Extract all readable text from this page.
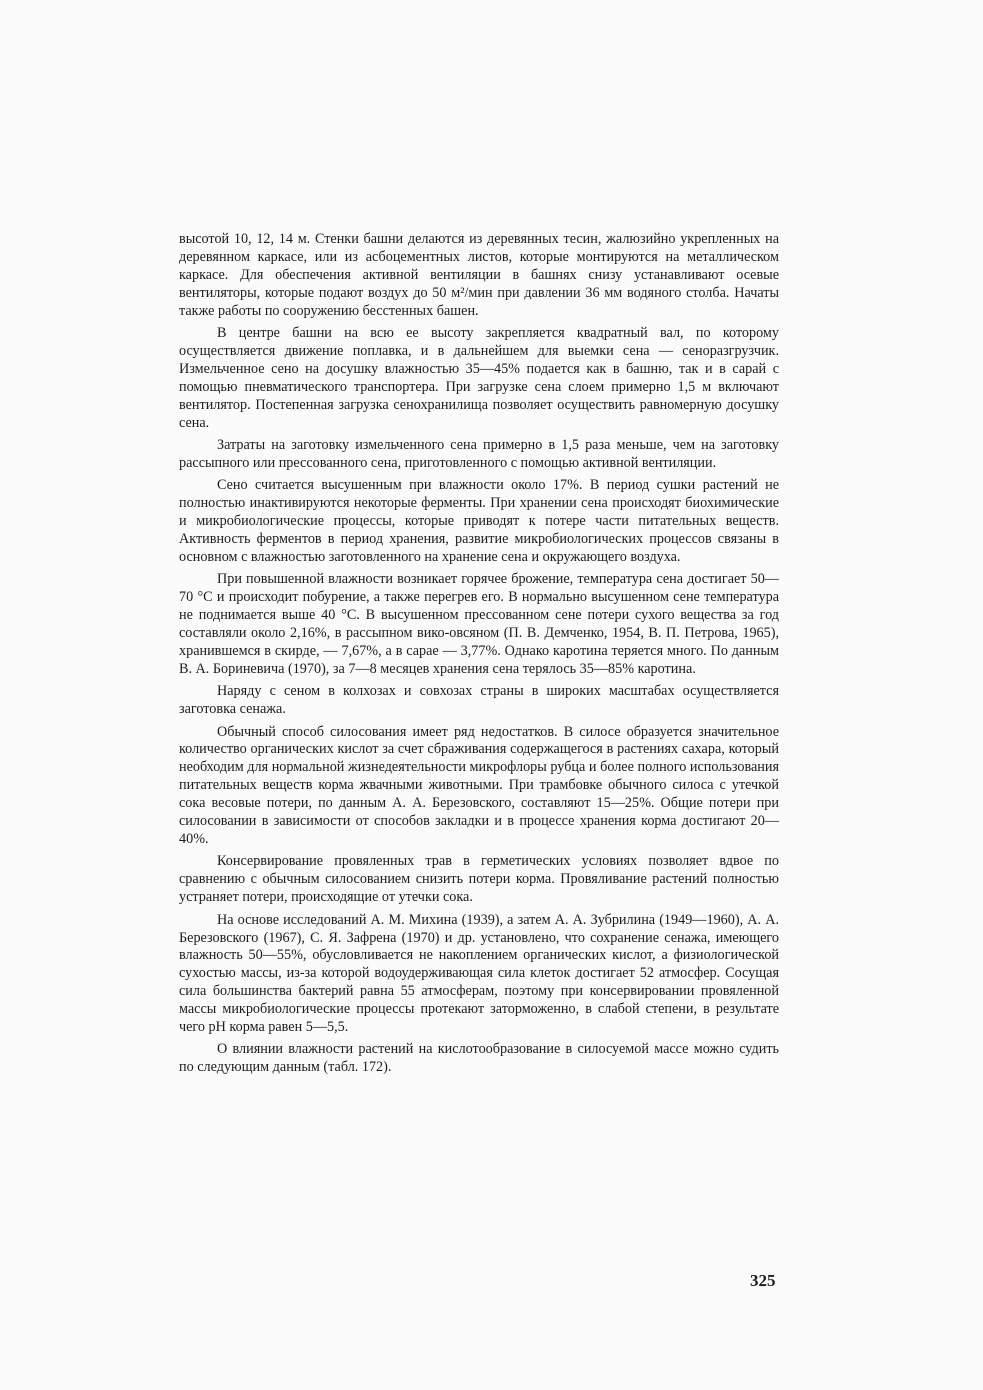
высотой 10, 12, 14 м. Стенки башни делаются из деревянных тесин, жалюзийно укрепленных на деревянном каркасе, или из асбоцементных листов, которые монтируются на металлическом каркасе. Для обеспечения активной вентиляции в башнях снизу устанавливают осевые вентиляторы, которые подают воздух до 50 м²/мин при давлении 36 мм водяного столба. Начаты также работы по сооружению бесстенных башен.

В центре башни на всю ее высоту закрепляется квадратный вал, по которому осуществляется движение поплавка, и в дальнейшем для выемки сена — сеноразгрузчик. Измельченное сено на досушку влажностью 35—45% подается как в башню, так и в сарай с помощью пневматического транспортера. При загрузке сена слоем примерно 1,5 м включают вентилятор. Постепенная загрузка сенохранилища позволяет осуществить равномерную досушку сена.

Затраты на заготовку измельченного сена примерно в 1,5 раза меньше, чем на заготовку рассыпного или прессованного сена, приготовленного с помощью активной вентиляции.

Сено считается высушенным при влажности около 17%. В период сушки растений не полностью инактивируются некоторые ферменты. При хранении сена происходят биохимические и микробиологические процессы, которые приводят к потере части питательных веществ. Активность ферментов в период хранения, развитие микробиологических процессов связаны в основном с влажностью заготовленного на хранение сена и окружающего воздуха.

При повышенной влажности возникает горячее брожение, температура сена достигает 50—70 °С и происходит побурение, а также перегрев его. В нормально высушенном сене температура не поднимается выше 40 °С. В высушенном прессованном сене потери сухого вещества за год составляли около 2,16%, в рассыпном вико-овсяном (П. В. Демченко, 1954, В. П. Петрова, 1965), хранившемся в скирде, — 7,67%, а в сарае — 3,77%. Однако каротина теряется много. По данным В. А. Бориневича (1970), за 7—8 месяцев хранения сена терялось 35—85% каротина.

Наряду с сеном в колхозах и совхозах страны в широких масштабах осуществляется заготовка сенажа.

Обычный способ силосования имеет ряд недостатков. В силосе образуется значительное количество органических кислот за счет сбраживания содержащегося в растениях сахара, который необходим для нормальной жизнедеятельности микрофлоры рубца и более полного использования питательных веществ корма жвачными животными. При трамбовке обычного силоса с утечкой сока весовые потери, по данным А. А. Березовского, составляют 15—25%. Общие потери при силосовании в зависимости от способов закладки и в процессе хранения корма достигают 20—40%.

Консервирование провяленных трав в герметических условиях позволяет вдвое по сравнению с обычным силосованием снизить потери корма. Провяливание растений полностью устраняет потери, происходящие от утечки сока.

На основе исследований А. М. Михина (1939), а затем А. А. Зубрилина (1949—1960), А. А. Березовского (1967), С. Я. Зафрена (1970) и др. установлено, что сохранение сенажа, имеющего влажность 50—55%, обусловливается не накоплением органических кислот, а физиологической сухостью массы, из-за которой водоудерживающая сила клеток достигает 52 атмосфер. Сосущая сила большинства бактерий равна 55 атмосферам, поэтому при консервировании провяленной массы микробиологические процессы протекают заторможенно, в слабой степени, в результате чего pH корма равен 5—5,5.

О влиянии влажности растений на кислотообразование в силосуемой массе можно судить по следующим данным (табл. 172).

325
